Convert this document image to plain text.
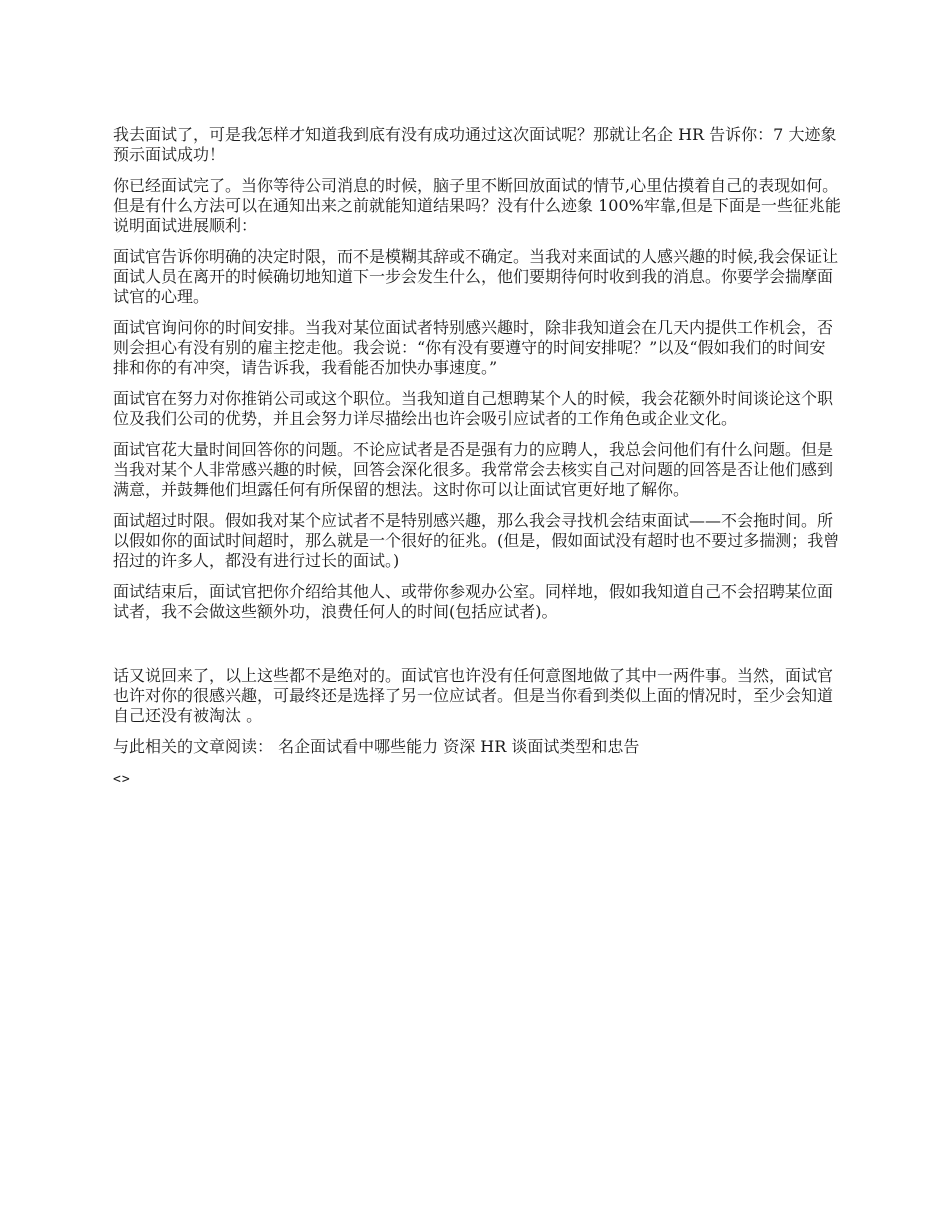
我去面试了，可是我怎样才知道我到底有没有成功通过这次面试呢？那就让名企 HR 告诉你：7 大迹象预示面试成功！

你已经面试完了。当你等待公司消息的时候，脑子里不断回放面试的情节,心里估摸着自己的表现如何。但是有什么方法可以在通知出来之前就能知道结果吗？没有什么迹象 100%牢靠,但是下面是一些征兆能说明面试进展顺利：

面试官告诉你明确的决定时限，而不是模糊其辞或不确定。当我对来面试的人感兴趣的时候,我会保证让面试人员在离开的时候确切地知道下一步会发生什么，他们要期待何时收到我的消息。你要学会揣摩面试官的心理。

面试官询问你的时间安排。当我对某位面试者特别感兴趣时，除非我知道会在几天内提供工作机会，否则会担心有没有别的雇主挖走他。我会说：“你有没有要遵守的时间安排呢？”以及“假如我们的时间安排和你的有冲突，请告诉我，我看能否加快办事速度。”

面试官在努力对你推销公司或这个职位。当我知道自己想聘某个人的时候，我会花额外时间谈论这个职位及我们公司的优势，并且会努力详尽描绘出也许会吸引应试者的工作角色或企业文化。

面试官花大量时间回答你的问题。不论应试者是否是强有力的应聘人，我总会问他们有什么问题。但是当我对某个人非常感兴趣的时候，回答会深化很多。我常常会去核实自己对问题的回答是否让他们感到满意，并鼓舞他们坦露任何有所保留的想法。这时你可以让面试官更好地了解你。

面试超过时限。假如我对某个应试者不是特别感兴趣，那么我会寻找机会结束面试——不会拖时间。所以假如你的面试时间超时，那么就是一个很好的征兆。(但是，假如面试没有超时也不要过多揣测；我曾招过的许多人，都没有进行过长的面试。)

面试结束后，面试官把你介绍给其他人、或带你参观办公室。同样地，假如我知道自己不会招聘某位面试者，我不会做这些额外功，浪费任何人的时间(包括应试者)。

话又说回来了，以上这些都不是绝对的。面试官也许没有任何意图地做了其中一两件事。当然，面试官也许对你的很感兴趣，可最终还是选择了另一位应试者。但是当你看到类似上面的情况时，至少会知道自己还没有被淘汰 。

与此相关的文章阅读： 名企面试看中哪些能力 资深 HR 谈面试类型和忠告

<>
